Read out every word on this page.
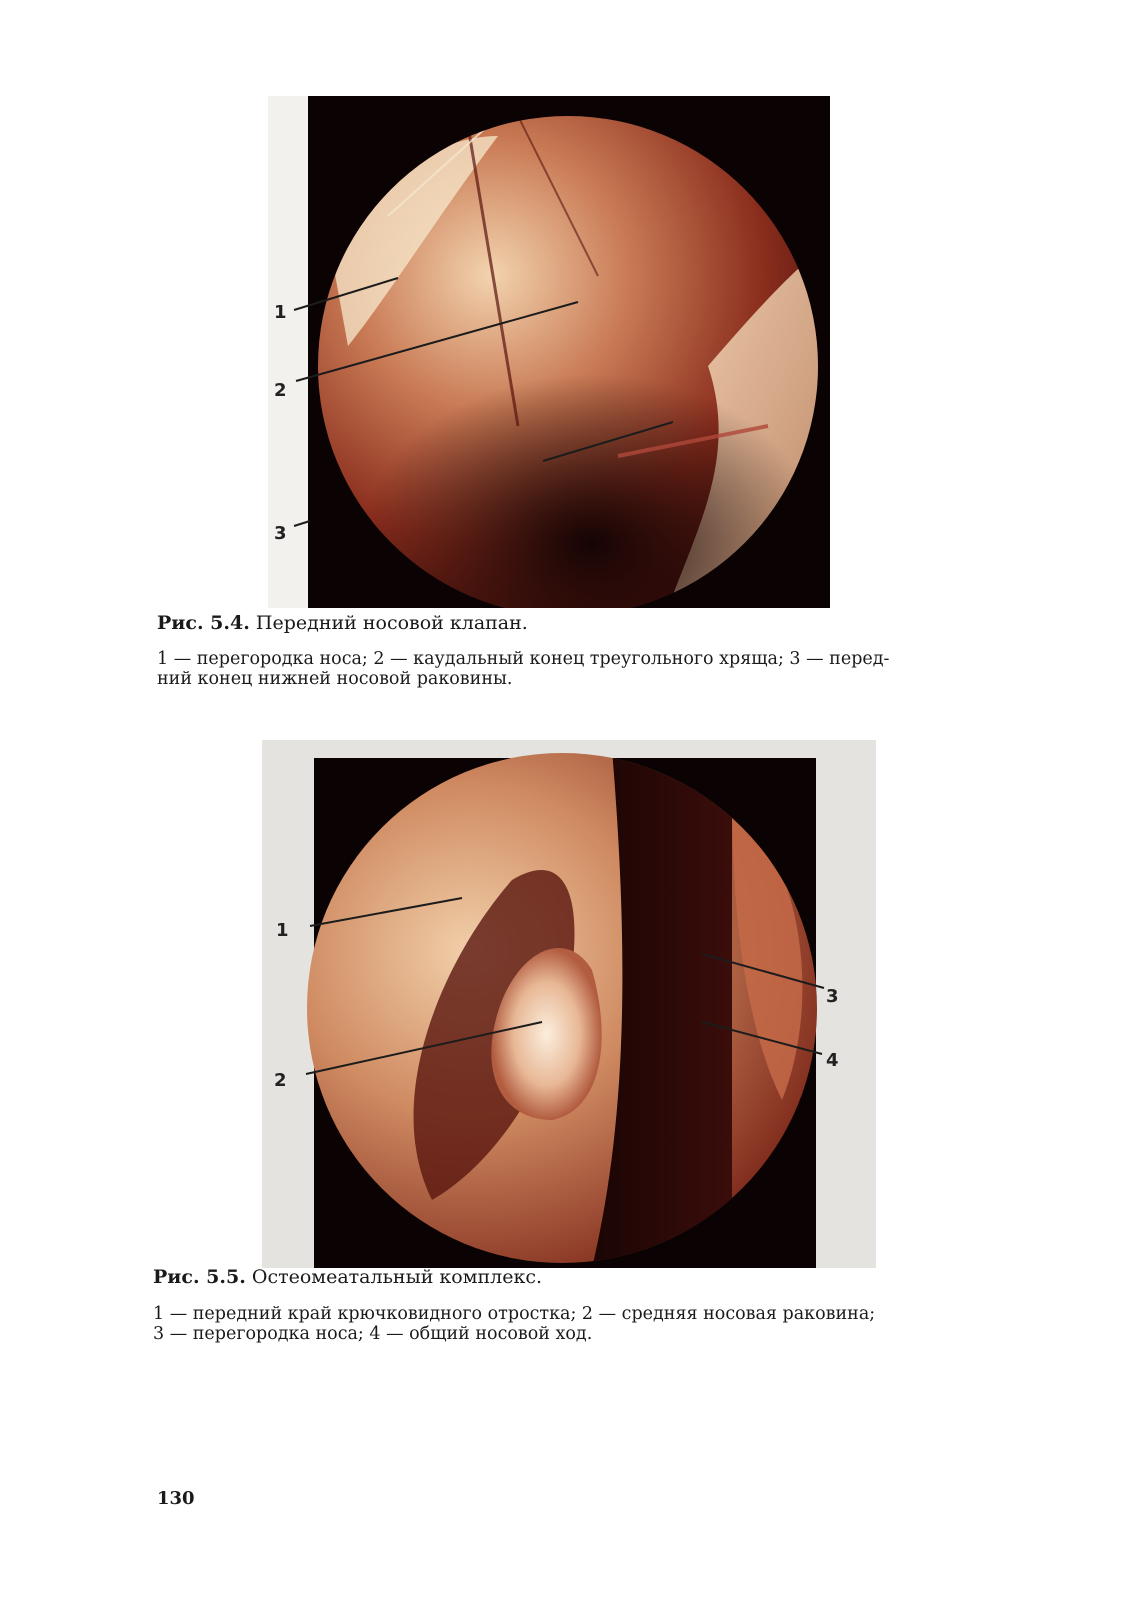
1
2
3
Рис. 5.4. Передний носовой клапан.
1 — перегородка носа; 2 — каудальный конец треугольного хряща; 3 — перед-
ний конец нижней носовой раковины.
1
2
3
4
Рис. 5.5. Остеомеатальный комплекс.
1 — передний край крючковидного отростка; 2 — средняя носовая раковина;
3 — перегородка носа; 4 — общий носовой ход.
130
